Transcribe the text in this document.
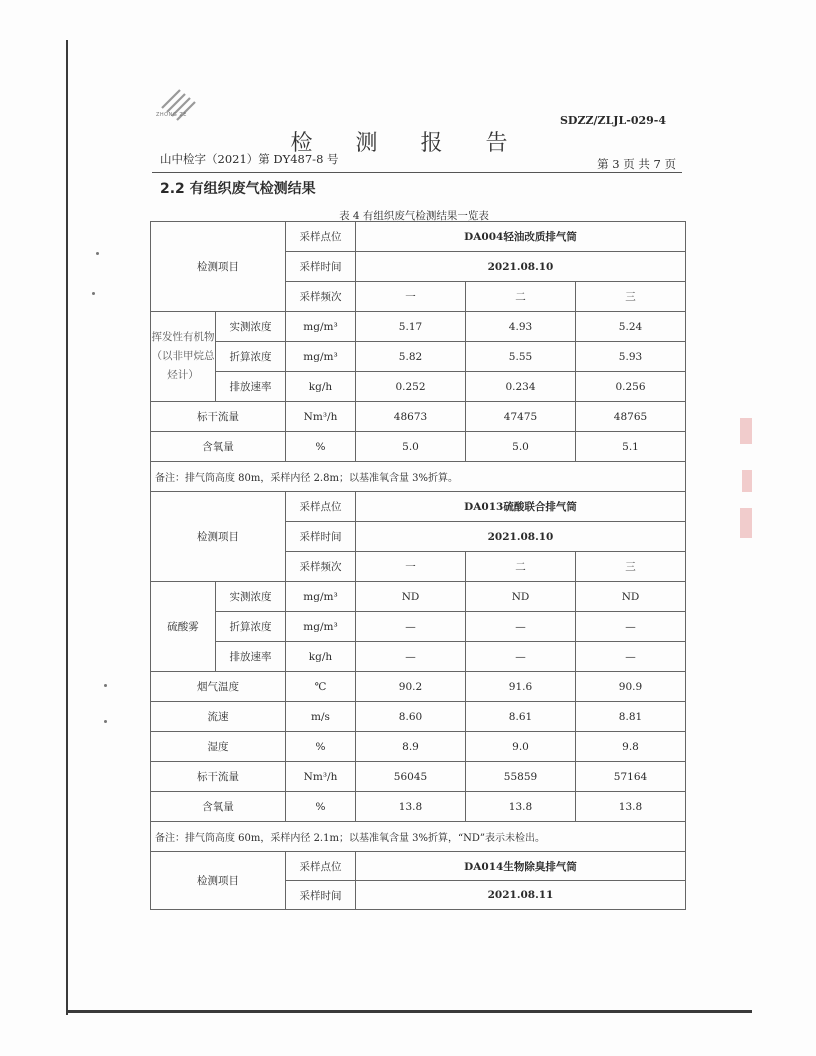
ZHONG ZE	SDZZ/ZLJL-029-4
检 测 报 告
山中检字（2021）第 DY487-8 号	第 3 页 共 7 页
2.2 有组织废气检测结果
表 4 有组织废气检测结果一览表
检测项目		采样点位	DA004轻油改质排气筒		
		采样时间	2021.08.10		
		采样频次	一	二	三
挥发性有机物（以非甲烷总烃计）	实测浓度	mg/m³	5.17	4.93	5.24
	折算浓度	mg/m³	5.82	5.55	5.93
	排放速率	kg/h	0.252	0.234	0.256
标干流量		Nm³/h	48673	47475	48765
含氧量		%	5.0	5.0	5.1
备注：排气筒高度 80m，采样内径 2.8m；以基准氧含量 3%折算。					
检测项目		采样点位	DA013硫酸联合排气筒		
		采样时间	2021.08.10		
		采样频次	一	二	三
硫酸雾	实测浓度	mg/m³	ND	ND	ND
	折算浓度	mg/m³	—	—	—
	排放速率	kg/h	—	—	—
烟气温度		℃	90.2	91.6	90.9
流速		m/s	8.60	8.61	8.81
湿度		%	8.9	9.0	9.8
标干流量		Nm³/h	56045	55859	57164
含氧量		%	13.8	13.8	13.8
备注：排气筒高度 60m，采样内径 2.1m；以基准氧含量 3%折算，“ND”表示未检出。					
检测项目	采样点位	DA014生物除臭排气筒
	采样时间	2021.08.11
